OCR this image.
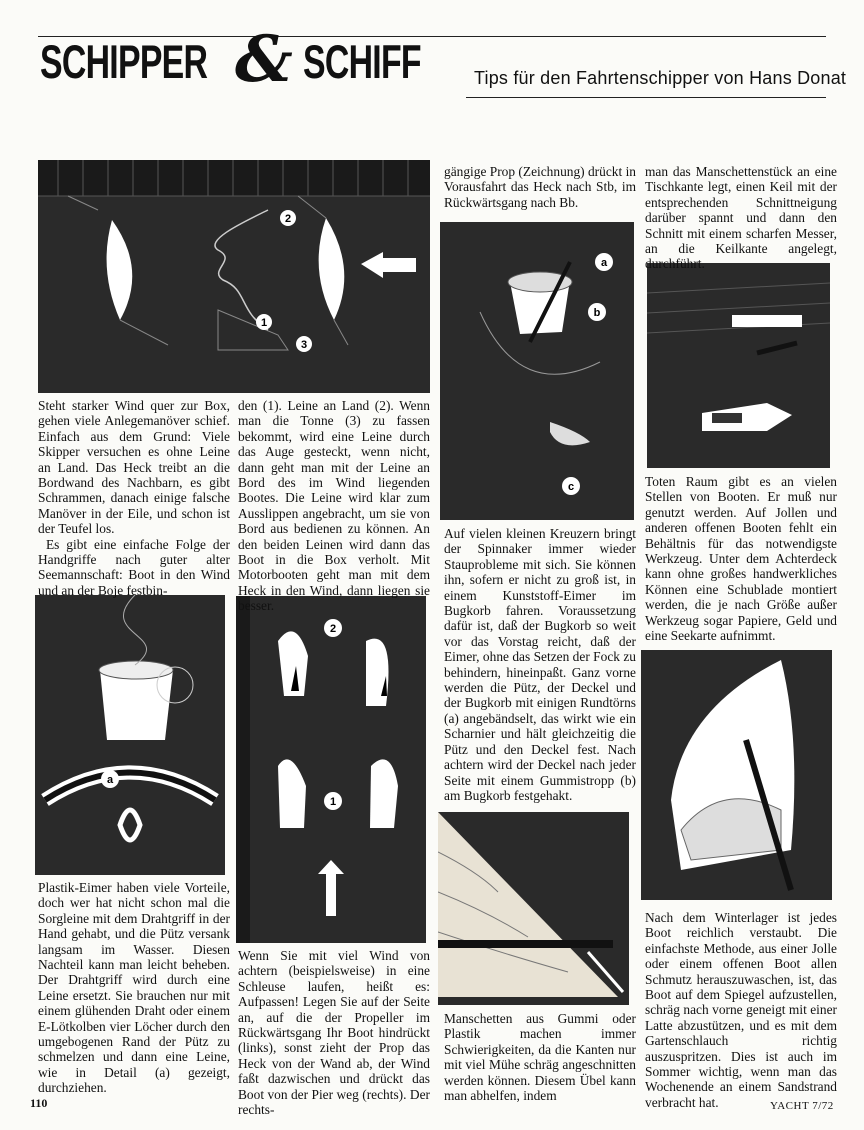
SCHIPPER & SCHIFF	Tips für den Fahrtenschipper von Hans Donat
2
1
3
a
b
c
a
2
1

Steht starker Wind quer zur Box, gehen viele Anlegemanöver schief. Einfach aus dem Grund: Viele Skipper versuchen es ohne Leine an Land. Das Heck treibt an die Bordwand des Nachbarn, es gibt Schrammen, danach einige falsche Manöver in der Eile, und schon ist der Teufel los.

Es gibt eine einfache Folge der Handgriffe nach guter alter Seemannschaft: Boot in den Wind und an der Boje festbin-

den (1). Leine an Land (2). Wenn man die Tonne (3) zu fassen bekommt, wird eine Leine durch das Auge gesteckt, wenn nicht, dann geht man mit der Leine an Bord des im Wind liegenden Bootes. Die Leine wird klar zum Ausslippen angebracht, um sie von Bord aus bedienen zu können. An den beiden Leinen wird dann das Boot in die Box verholt. Mit Motorbooten geht man mit dem Heck in den Wind, dann liegen sie besser.

gängige Prop (Zeichnung) drückt in Vorausfahrt das Heck nach Stb, im Rückwärtsgang nach Bb.

Auf vielen kleinen Kreuzern bringt der Spinnaker immer wieder Stauprobleme mit sich. Sie können ihn, sofern er nicht zu groß ist, in einem Kunststoff-Eimer im Bugkorb fahren. Voraussetzung dafür ist, daß der Bugkorb so weit vor das Vorstag reicht, daß der Eimer, ohne das Setzen der Fock zu behindern, hineinpaßt. Ganz vorne werden die Pütz, der Deckel und der Bugkorb mit einigen Rundtörns (a) angebändselt, das wirkt wie ein Scharnier und hält gleichzeitig die Pütz und den Deckel fest. Nach achtern wird der Deckel nach jeder Seite mit einem Gummistropp (b) am Bugkorb festgehakt.

Manschetten aus Gummi oder Plastik machen immer Schwierigkeiten, da die Kanten nur mit viel Mühe schräg angeschnitten werden können. Diesem Übel kann man abhelfen, indem

man das Manschettenstück an eine Tischkante legt, einen Keil mit der entsprechenden Schnittneigung darüber spannt und dann den Schnitt mit einem scharfen Messer, an die Keilkante angelegt, durchführt.

Toten Raum gibt es an vielen Stellen von Booten. Er muß nur genutzt werden. Auf Jollen und anderen offenen Booten fehlt ein Behältnis für das notwendigste Werkzeug. Unter dem Achterdeck kann ohne großes handwerkliches Können eine Schublade montiert werden, die je nach Größe außer Werkzeug sogar Papiere, Geld und eine Seekarte aufnimmt.

Nach dem Winterlager ist jedes Boot reichlich verstaubt. Die einfachste Methode, aus einer Jolle oder einem offenen Boot allen Schmutz herauszuwaschen, ist, das Boot auf dem Spiegel aufzustellen, schräg nach vorne geneigt mit einer Latte abzustützen, und es mit dem Gartenschlauch richtig auszuspritzen. Dies ist auch im Sommer wichtig, wenn man das Wochenende an einem Sandstrand verbracht hat.

Plastik-Eimer haben viele Vorteile, doch wer hat nicht schon mal die Sorgleine mit dem Drahtgriff in der Hand gehabt, und die Pütz versank langsam im Wasser. Diesen Nachteil kann man leicht beheben. Der Drahtgriff wird durch eine Leine ersetzt. Sie brauchen nur mit einem glühenden Draht oder einem E-Lötkolben vier Löcher durch den umgebogenen Rand der Pütz zu schmelzen und dann eine Leine, wie in Detail (a) gezeigt, durchziehen.

Wenn Sie mit viel Wind von achtern (beispielsweise) in eine Schleuse laufen, heißt es: Aufpassen! Legen Sie auf der Seite an, auf die der Propeller im Rückwärtsgang Ihr Boot hindrückt (links), sonst zieht der Prop das Heck von der Wand ab, der Wind faßt dazwischen und drückt das Boot von der Pier weg (rechts). Der rechts-

110	YACHT 7/72
